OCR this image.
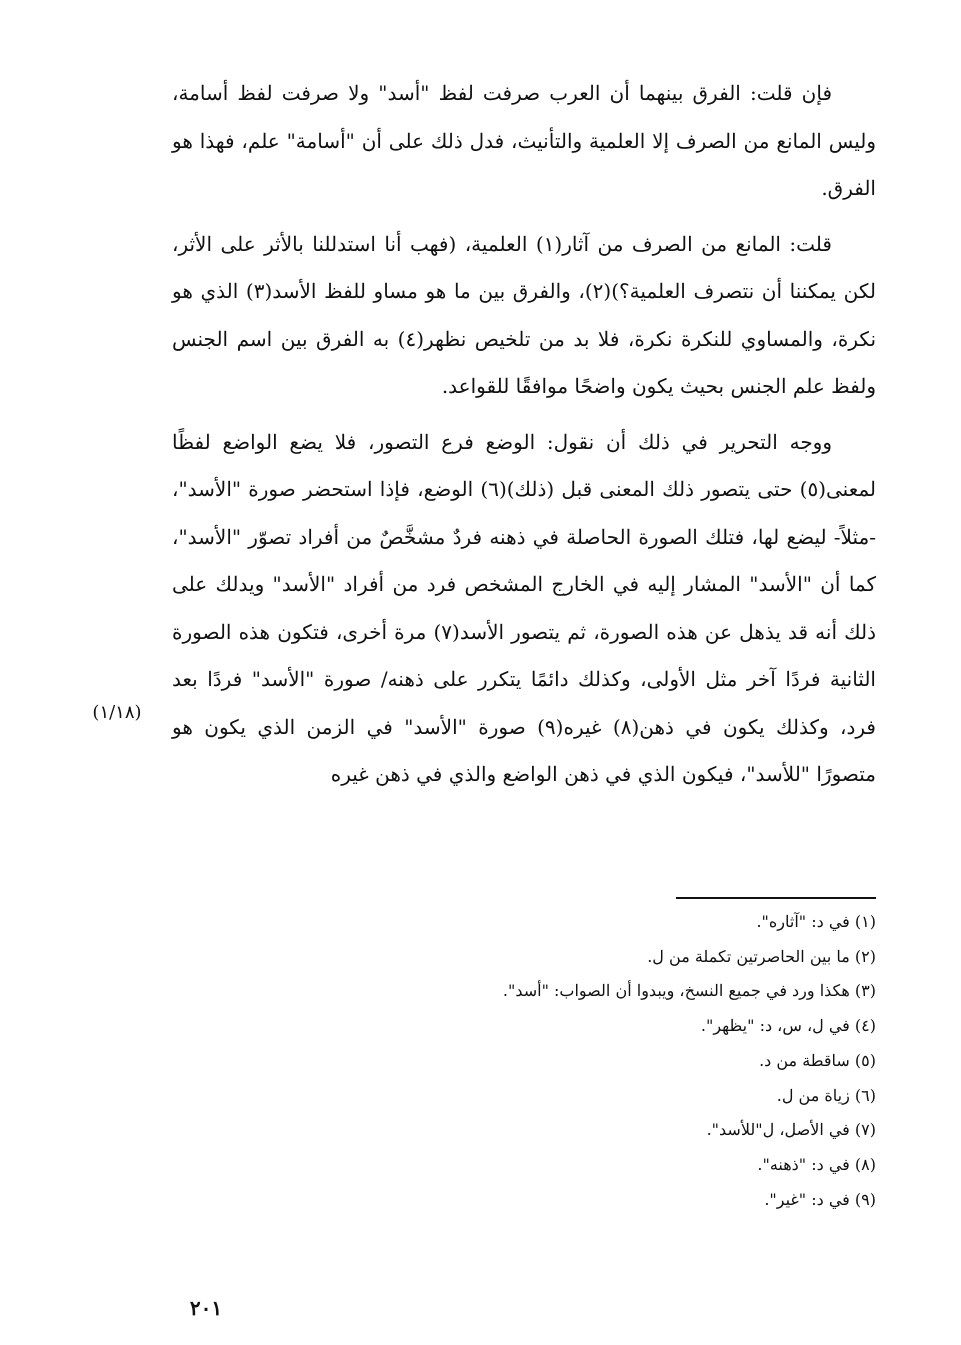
فإن قلت: الفرق بينهما أن العرب صرفت لفظ "أسد" ولا صرفت لفظ أسامة، وليس المانع من الصرف إلا العلمية والتأنيث، فدل ذلك على أن "أسامة" علم، فهذا هو الفرق.

قلت: المانع من الصرف من آثار(١) العلمية، (فهب أنا استدللنا بالأثر على الأثر، لكن يمكننا أن نتصرف العلمية؟)(٢)، والفرق بين ما هو مساو للفظ الأسد(٣) الذي هو نكرة، والمساوي للنكرة نكرة، فلا بد من تلخيص نظهر(٤) به الفرق بين اسم الجنس ولفظ علم الجنس بحيث يكون واضحًا موافقًا للقواعد.

ووجه التحرير في ذلك أن نقول: الوضع فرع التصور، فلا يضع الواضع لفظًا لمعنى(٥) حتى يتصور ذلك المعنى قبل (ذلك)(٦) الوضع، فإذا استحضر صورة "الأسد"، -مثلاً- ليضع لها، فتلك الصورة الحاصلة في ذهنه فردٌ مشخَّصٌ من أفراد تصوّر "الأسد"، كما أن "الأسد" المشار إليه في الخارج المشخص فرد من أفراد "الأسد" ويدلك على ذلك أنه قد يذهل عن هذه الصورة، ثم يتصور الأسد(٧) مرة أخرى، فتكون هذه الصورة الثانية فردًا آخر مثل الأولى، وكذلك دائمًا يتكرر على ذهنه/ صورة "الأسد" فردًا بعد فرد، وكذلك يكون في ذهن(٨) غيره(٩) صورة "الأسد" في الزمن الذي يكون هو متصورًا "للأسد"، فيكون الذي في ذهن الواضع والذي في ذهن غيره

(١/١٨)
(١) في د: "آثاره".
(٢) ما بين الحاصرتين تكملة من ل.
(٣) هكذا ورد في جميع النسخ، ويبدوا أن الصواب: "أسد".
(٤) في ل، س، د: "يظهر".
(٥) ساقطة من د.
(٦) زياة من ل.
(٧) في الأصل، ل"للأسد".
(٨) في د: "ذهنه".
(٩) في د: "غير".
٢٠١
